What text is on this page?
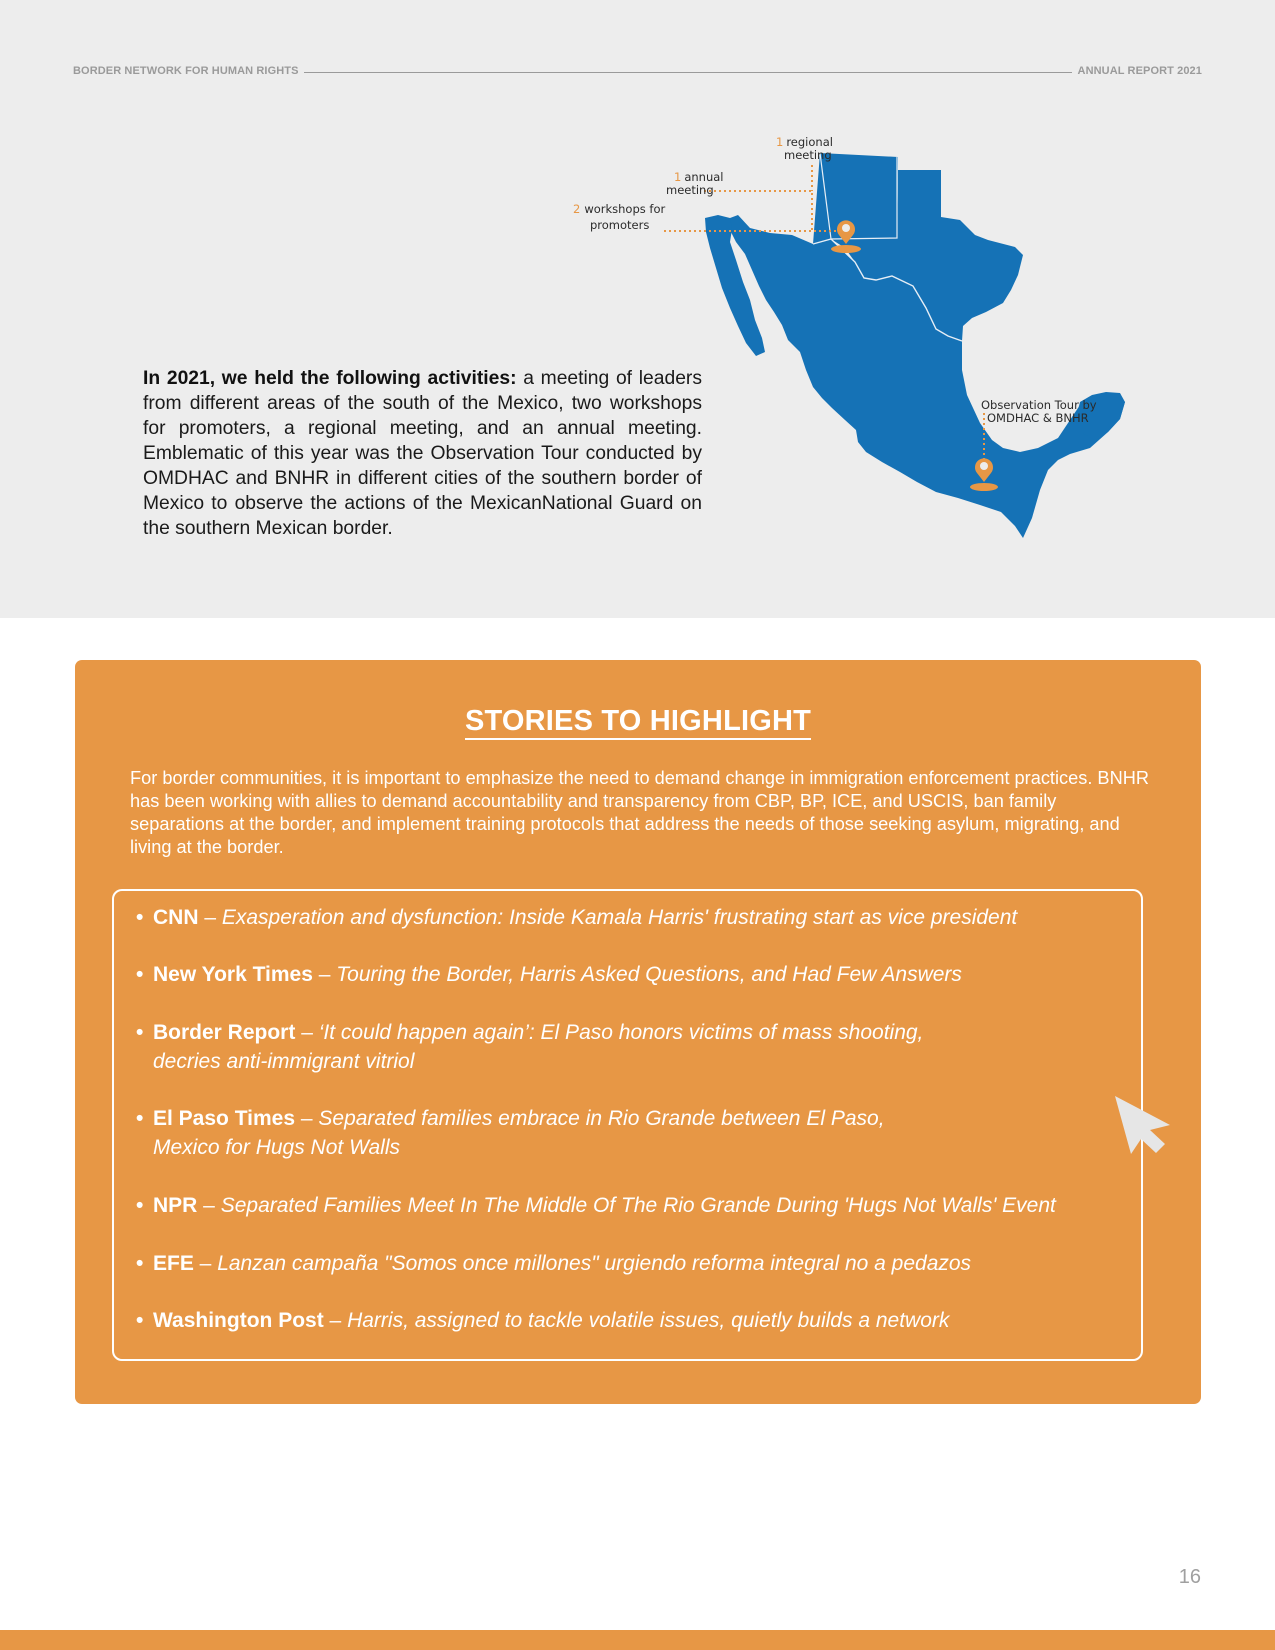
BORDER NETWORK FOR HUMAN RIGHTS	ANNUAL REPORT 2021
In 2021, we held the following activities: a meeting of leaders from different areas of the south of the Mexico, two workshops for promoters, a regional meeting, and an annual meeting. Emblematic of this year was the Observation Tour conducted by OMDHAC and BNHR in different cities of the southern border of Mexico to observe the actions of the MexicanNational Guard on the southern Mexican border.
1 regional
meeting
1 annual
meeting
2 workshops for
promoters
Observation Tour by
OMDHAC & BNHR
STORIES TO HIGHLIGHT
For border communities, it is important to emphasize the need to demand change in immigration enforcement practices. BNHR has been working with allies to demand accountability and transparency from CBP, BP, ICE, and USCIS, ban family separations at the border, and implement training protocols that address the needs of those seeking asylum, migrating, and living at the border.
• CNN – Exasperation and dysfunction: Inside Kamala Harris' frustrating start as vice president
• New York Times – Touring the Border, Harris Asked Questions, and Had Few Answers
• Border Report – ‘It could happen again’: El Paso honors victims of mass shooting, decries anti-immigrant vitriol
• El Paso Times – Separated families embrace in Rio Grande between El Paso, Mexico for Hugs Not Walls
• NPR – Separated Families Meet In The Middle Of The Rio Grande During 'Hugs Not Walls' Event
• EFE – Lanzan campaña "Somos once millones" urgiendo reforma integral no a pedazos
• Washington Post – Harris, assigned to tackle volatile issues, quietly builds a network
16
